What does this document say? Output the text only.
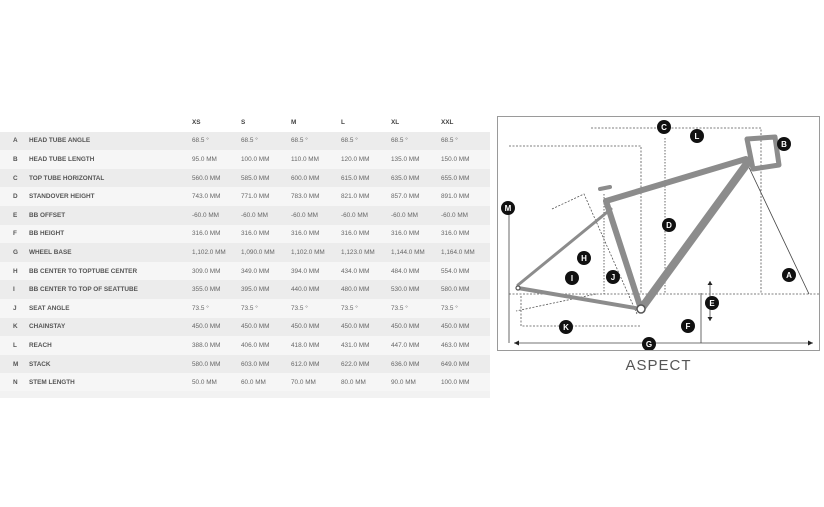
		XS	S	M	L	XL	XXL
A	HEAD TUBE ANGLE	68.5 °	68.5 °	68.5 °	68.5 °	68.5 °	68.5 °
B	HEAD TUBE LENGTH	95.0 MM	100.0 MM	110.0 MM	120.0 MM	135.0 MM	150.0 MM
C	TOP TUBE HORIZONTAL	560.0 MM	585.0 MM	600.0 MM	615.0 MM	635.0 MM	655.0 MM
D	STANDOVER HEIGHT	743.0 MM	771.0 MM	783.0 MM	821.0 MM	857.0 MM	891.0 MM
E	BB OFFSET	-60.0 MM	-60.0 MM	-60.0 MM	-60.0 MM	-60.0 MM	-60.0 MM
F	BB HEIGHT	316.0 MM	316.0 MM	316.0 MM	316.0 MM	316.0 MM	316.0 MM
G	WHEEL BASE	1,102.0 MM	1,090.0 MM	1,102.0 MM	1,123.0 MM	1,144.0 MM	1,164.0 MM
H	BB CENTER TO TOPTUBE CENTER	309.0 MM	349.0 MM	394.0 MM	434.0 MM	484.0 MM	554.0 MM
I	BB CENTER TO TOP OF SEATTUBE	355.0 MM	395.0 MM	440.0 MM	480.0 MM	530.0 MM	580.0 MM
J	SEAT ANGLE	73.5 °	73.5 °	73.5 °	73.5 °	73.5 °	73.5 °
K	CHAINSTAY	450.0 MM	450.0 MM	450.0 MM	450.0 MM	450.0 MM	450.0 MM
L	REACH	388.0 MM	406.0 MM	418.0 MM	431.0 MM	447.0 MM	463.0 MM
M	STACK	580.0 MM	603.0 MM	612.0 MM	622.0 MM	636.0 MM	649.0 MM
N	STEM LENGTH	50.0 MM	60.0 MM	70.0 MM	80.0 MM	90.0 MM	100.0 MM
A
B
C
D
E
F
G
H
I	J
K
L
M
ASPECT
